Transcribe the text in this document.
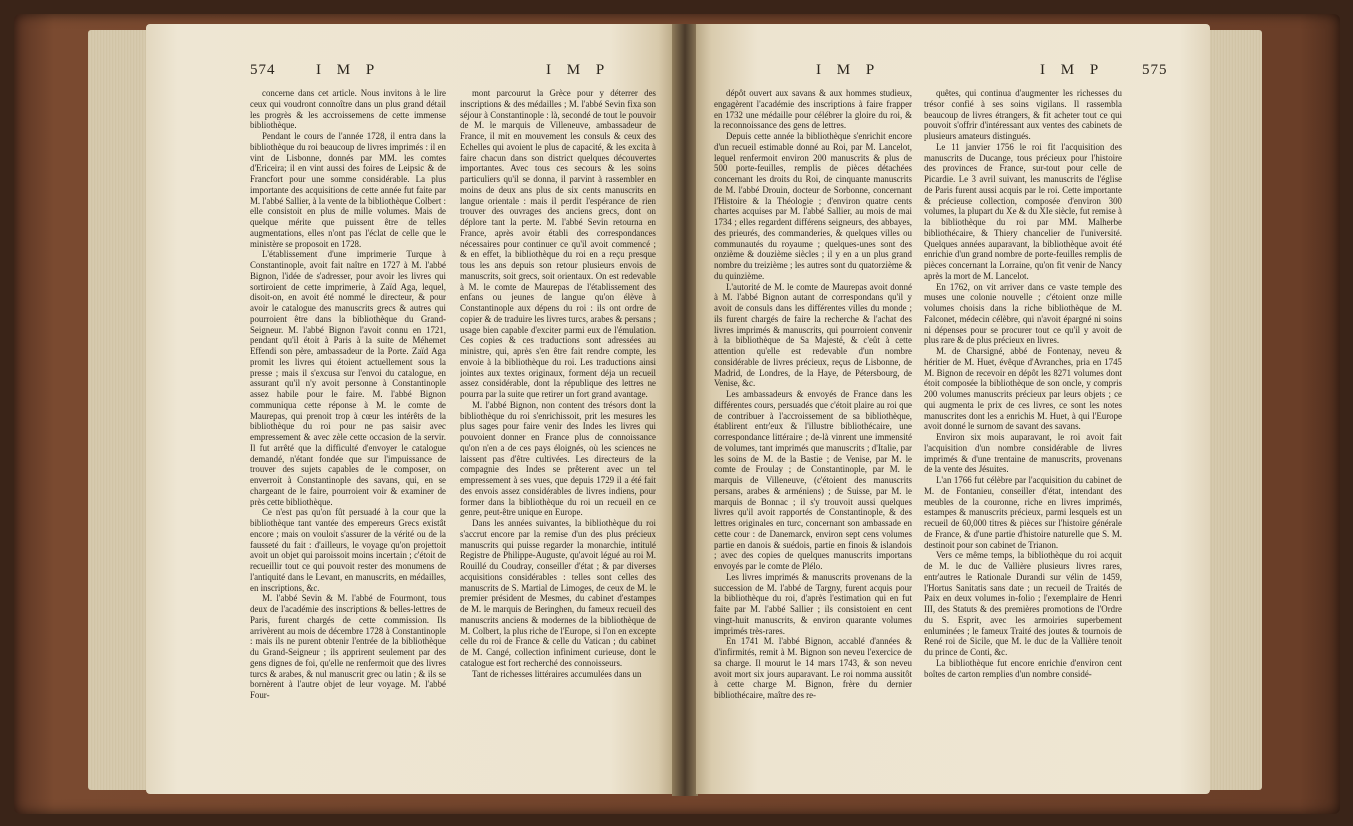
574	I M P	I M P

concerne dans cet article. Nous invitons à le lire ceux qui voudront connoître dans un plus grand détail les progrès & les accroissemens de cette immense bibliothèque.

Pendant le cours de l'année 1728, il entra dans la bibliothèque du roi beaucoup de livres imprimés : il en vint de Lisbonne, donnés par MM. les comtes d'Ericeira; il en vint aussi des foires de Leipsic & de Francfort pour une somme considérable. La plus importante des acquisitions de cette année fut faite par M. l'abbé Sallier, à la vente de la bibliothèque Colbert : elle consistoit en plus de mille volumes. Mais de quelque mérite que puissent être de telles augmentations, elles n'ont pas l'éclat de celle que le ministère se proposoit en 1728.

L'établissement d'une imprimerie Turque à Constantinople, avoit fait naître en 1727 à M. l'abbé Bignon, l'idée de s'adresser, pour avoir les livres qui sortiroient de cette imprimerie, à Zaïd Aga, lequel, disoit-on, en avoit été nommé le directeur, & pour avoir le catalogue des manuscrits grecs & autres qui pourroient être dans la bibliothèque du Grand-Seigneur. M. l'abbé Bignon l'avoit connu en 1721, pendant qu'il étoit à Paris à la suite de Méhemet Effendi son père, ambassadeur de la Porte. Zaïd Aga promit les livres qui étoient actuellement sous la presse ; mais il s'excusa sur l'envoi du catalogue, en assurant qu'il n'y avoit personne à Constantinople assez habile pour le faire. M. l'abbé Bignon communiqua cette réponse à M. le comte de Maurepas, qui prenoit trop à cœur les intérêts de la bibliothèque du roi pour ne pas saisir avec empressement & avec zèle cette occasion de la servir. Il fut arrêté que la difficulté d'envoyer le catalogue demandé, n'étant fondée que sur l'impuissance de trouver des sujets capables de le composer, on enverroit à Constantinople des savans, qui, en se chargeant de le faire, pourroient voir & examiner de près cette bibliothèque.

Ce n'est pas qu'on fût persuadé à la cour que la bibliothèque tant vantée des empereurs Grecs existât encore ; mais on vouloit s'assurer de la vérité ou de la fausseté du fait : d'ailleurs, le voyage qu'on projettoit avoit un objet qui paroissoit moins incertain ; c'étoit de recueillir tout ce qui pouvoit rester des monumens de l'antiquité dans le Levant, en manuscrits, en médailles, en inscriptions, &c.

M. l'abbé Sevin & M. l'abbé de Fourmont, tous deux de l'académie des inscriptions & belles-lettres de Paris, furent chargés de cette commission. Ils arrivèrent au mois de décembre 1728 à Constantinople : mais ils ne purent obtenir l'entrée de la bibliothèque du Grand-Seigneur ; ils apprirent seulement par des gens dignes de foi, qu'elle ne renfermoit que des livres turcs & arabes, & nul manuscrit grec ou latin ; & ils se bornèrent à l'autre objet de leur voyage. M. l'abbé Four-

mont parcourut la Grèce pour y déterrer des inscriptions & des médailles ; M. l'abbé Sevin fixa son séjour à Constantinople : là, secondé de tout le pouvoir de M. le marquis de Villeneuve, ambassadeur de France, il mit en mouvement les consuls & ceux des Echelles qui avoient le plus de capacité, & les excita à faire chacun dans son district quelques découvertes importantes. Avec tous ces secours & les soins particuliers qu'il se donna, il parvint à rassembler en moins de deux ans plus de six cents manuscrits en langue orientale : mais il perdit l'espérance de rien trouver des ouvrages des anciens grecs, dont on déplore tant la perte. M. l'abbé Sevin retourna en France, après avoir établi des correspondances nécessaires pour continuer ce qu'il avoit commencé ; & en effet, la bibliothèque du roi en a reçu presque tous les ans depuis son retour plusieurs envois de manuscrits, soit grecs, soit orientaux. On est redevable à M. le comte de Maurepas de l'établissement des enfans ou jeunes de langue qu'on élève à Constantinople aux dépens du roi : ils ont ordre de copier & de traduire les livres turcs, arabes & persans ; usage bien capable d'exciter parmi eux de l'émulation. Ces copies & ces traductions sont adressées au ministre, qui, après s'en être fait rendre compte, les envoie à la bibliothèque du roi. Les traductions ainsi jointes aux textes originaux, forment déja un recueil assez considérable, dont la république des lettres ne pourra par la suite que retirer un fort grand avantage.

M. l'abbé Bignon, non content des trésors dont la bibliothèque du roi s'enrichissoit, prit les mesures les plus sages pour faire venir des Indes les livres qui pouvoient donner en France plus de connoissance qu'on n'en a de ces pays éloignés, où les sciences ne laissent pas d'être cultivées. Les directeurs de la compagnie des Indes se prêterent avec un tel empressement à ses vues, que depuis 1729 il a été fait des envois assez considérables de livres indiens, pour former dans la bibliothèque du roi un recueil en ce genre, peut-être unique en Europe.

Dans les années suivantes, la bibliothèque du roi s'accrut encore par la remise d'un des plus précieux manuscrits qui puisse regarder la monarchie, intitulé Registre de Philippe-Auguste, qu'avoit légué au roi M. Rouillé du Coudray, conseiller d'état ; & par diverses acquisitions considérables : telles sont celles des manuscrits de S. Martial de Limoges, de ceux de M. le premier président de Mesmes, du cabinet d'estampes de M. le marquis de Beringhen, du fameux recueil des manuscrits anciens & modernes de la bibliothèque de M. Colbert, la plus riche de l'Europe, si l'on en excepte celle du roi de France & celle du Vatican ; du cabinet de M. Cangé, collection infiniment curieuse, dont le catalogue est fort recherché des connoisseurs.

Tant de richesses littéraires accumulées dans un

I M P	I M P	575

dépôt ouvert aux savans & aux hommes studieux, engagèrent l'académie des inscriptions à faire frapper en 1732 une médaille pour célébrer la gloire du roi, & la reconnoissance des gens de lettres.

Depuis cette année la bibliothèque s'enrichit encore d'un recueil estimable donné au Roi, par M. Lancelot, lequel renfermoit environ 200 manuscrits & plus de 500 porte-feuilles, remplis de pièces détachées concernant les droits du Roi, de cinquante manuscrits de M. l'abbé Drouin, docteur de Sorbonne, concernant l'Histoire & la Théologie ; d'environ quatre cents chartes acquises par M. l'abbé Sallier, au mois de mai 1734 ; elles regardent différens seigneurs, des abbayes, des prieurés, des commanderies, & quelques villes ou communautés du royaume ; quelques-unes sont des onzième & douzième siècles ; il y en a un plus grand nombre du treizième ; les autres sont du quatorzième & du quinzième.

L'autorité de M. le comte de Maurepas avoit donné à M. l'abbé Bignon autant de correspondans qu'il y avoit de consuls dans les différentes villes du monde ; ils furent chargés de faire la recherche & l'achat des livres imprimés & manuscrits, qui pourroient convenir à la bibliothèque de Sa Majesté, & c'eût à cette attention qu'elle est redevable d'un nombre considérable de livres précieux, reçus de Lisbonne, de Madrid, de Londres, de la Haye, de Pétersbourg, de Venise, &c.

Les ambassadeurs & envoyés de France dans les différentes cours, persuadés que c'étoit plaire au roi que de contribuer à l'accroissement de sa bibliothèque, établirent entr'eux & l'illustre bibliothécaire, une correspondance littéraire ; de-là vinrent une immensité de volumes, tant imprimés que manuscrits ; d'Italie, par les soins de M. de la Bastie ; de Venise, par M. le comte de Froulay ; de Constantinople, par M. le marquis de Villeneuve, (c'étoient des manuscrits persans, arabes & arméniens) ; de Suisse, par M. le marquis de Bonnac ; il s'y trouvoit aussi quelques livres qu'il avoit rapportés de Constantinople, & des lettres originales en turc, concernant son ambassade en cette cour : de Danemarck, environ sept cens volumes partie en danois & suédois, partie en finois & islandois ; avec des copies de quelques manuscrits importans envoyés par le comte de Plélo.

Les livres imprimés & manuscrits provenans de la succession de M. l'abbé de Targny, furent acquis pour la bibliothèque du roi, d'après l'estimation qui en fut faite par M. l'abbé Sallier ; ils consistoient en cent vingt-huit manuscrits, & environ quarante volumes imprimés très-rares.

En 1741 M. l'abbé Bignon, accablé d'années & d'infirmités, remit à M. Bignon son neveu l'exercice de sa charge. Il mourut le 14 mars 1743, & son neveu avoit mort six jours auparavant. Le roi nomma aussitôt à cette charge M. Bignon, frère du dernier bibliothécaire, maître des re-

quêtes, qui continua d'augmenter les richesses du trésor confié à ses soins vigilans. Il rassembla beaucoup de livres étrangers, & fit acheter tout ce qui pouvoit s'offrir d'intéressant aux ventes des cabinets de plusieurs amateurs distingués.

Le 11 janvier 1756 le roi fit l'acquisition des manuscrits de Ducange, tous précieux pour l'histoire des provinces de France, sur-tout pour celle de Picardie. Le 3 avril suivant, les manuscrits de l'église de Paris furent aussi acquis par le roi. Cette importante & précieuse collection, composée d'environ 300 volumes, la plupart du Xe & du XIe siècle, fut remise à la bibliothèque du roi par MM. Malherbe bibliothécaire, & Thiery chancelier de l'université. Quelques années auparavant, la bibliothèque avoit été enrichie d'un grand nombre de porte-feuilles remplis de pièces concernant la Lorraine, qu'on fit venir de Nancy après la mort de M. Lancelot.

En 1762, on vit arriver dans ce vaste temple des muses une colonie nouvelle ; c'étoient onze mille volumes choisis dans la riche bibliothèque de M. Falconet, médecin célèbre, qui n'avoit épargné ni soins ni dépenses pour se procurer tout ce qu'il y avoit de plus rare & de plus précieux en livres.

M. de Charsigné, abbé de Fontenay, neveu & héritier de M. Huet, évêque d'Avranches, pria en 1745 M. Bignon de recevoir en dépôt les 8271 volumes dont étoit composée la bibliothèque de son oncle, y compris 200 volumes manuscrits précieux par leurs objets ; ce qui augmenta le prix de ces livres, ce sont les notes manuscrites dont les a enrichis M. Huet, à qui l'Europe avoit donné le surnom de savant des savans.

Environ six mois auparavant, le roi avoit fait l'acquisition d'un nombre considérable de livres imprimés & d'une trentaine de manuscrits, provenans de la vente des Jésuites.

L'an 1766 fut célèbre par l'acquisition du cabinet de M. de Fontanieu, conseiller d'état, intendant des meubles de la couronne, riche en livres imprimés, estampes & manuscrits précieux, parmi lesquels est un recueil de 60,000 titres & pièces sur l'histoire générale de France, & d'une partie d'histoire naturelle que S. M. destinoit pour son cabinet de Trianon.

Vers ce même temps, la bibliothèque du roi acquit de M. le duc de Vallière plusieurs livres rares, entr'autres le Rationale Durandi sur vélin de 1459, l'Hortus Sanitatis sans date ; un recueil de Traités de Paix en deux volumes in-folio ; l'exemplaire de Henri III, des Statuts & des premières promotions de l'Ordre du S. Esprit, avec les armoiries superbement enluminées ; le fameux Traité des joutes & tournois de René roi de Sicile, que M. le duc de la Vallière tenoit du prince de Conti, &c.

La bibliothèque fut encore enrichie d'environ cent boîtes de carton remplies d'un nombre considé-
